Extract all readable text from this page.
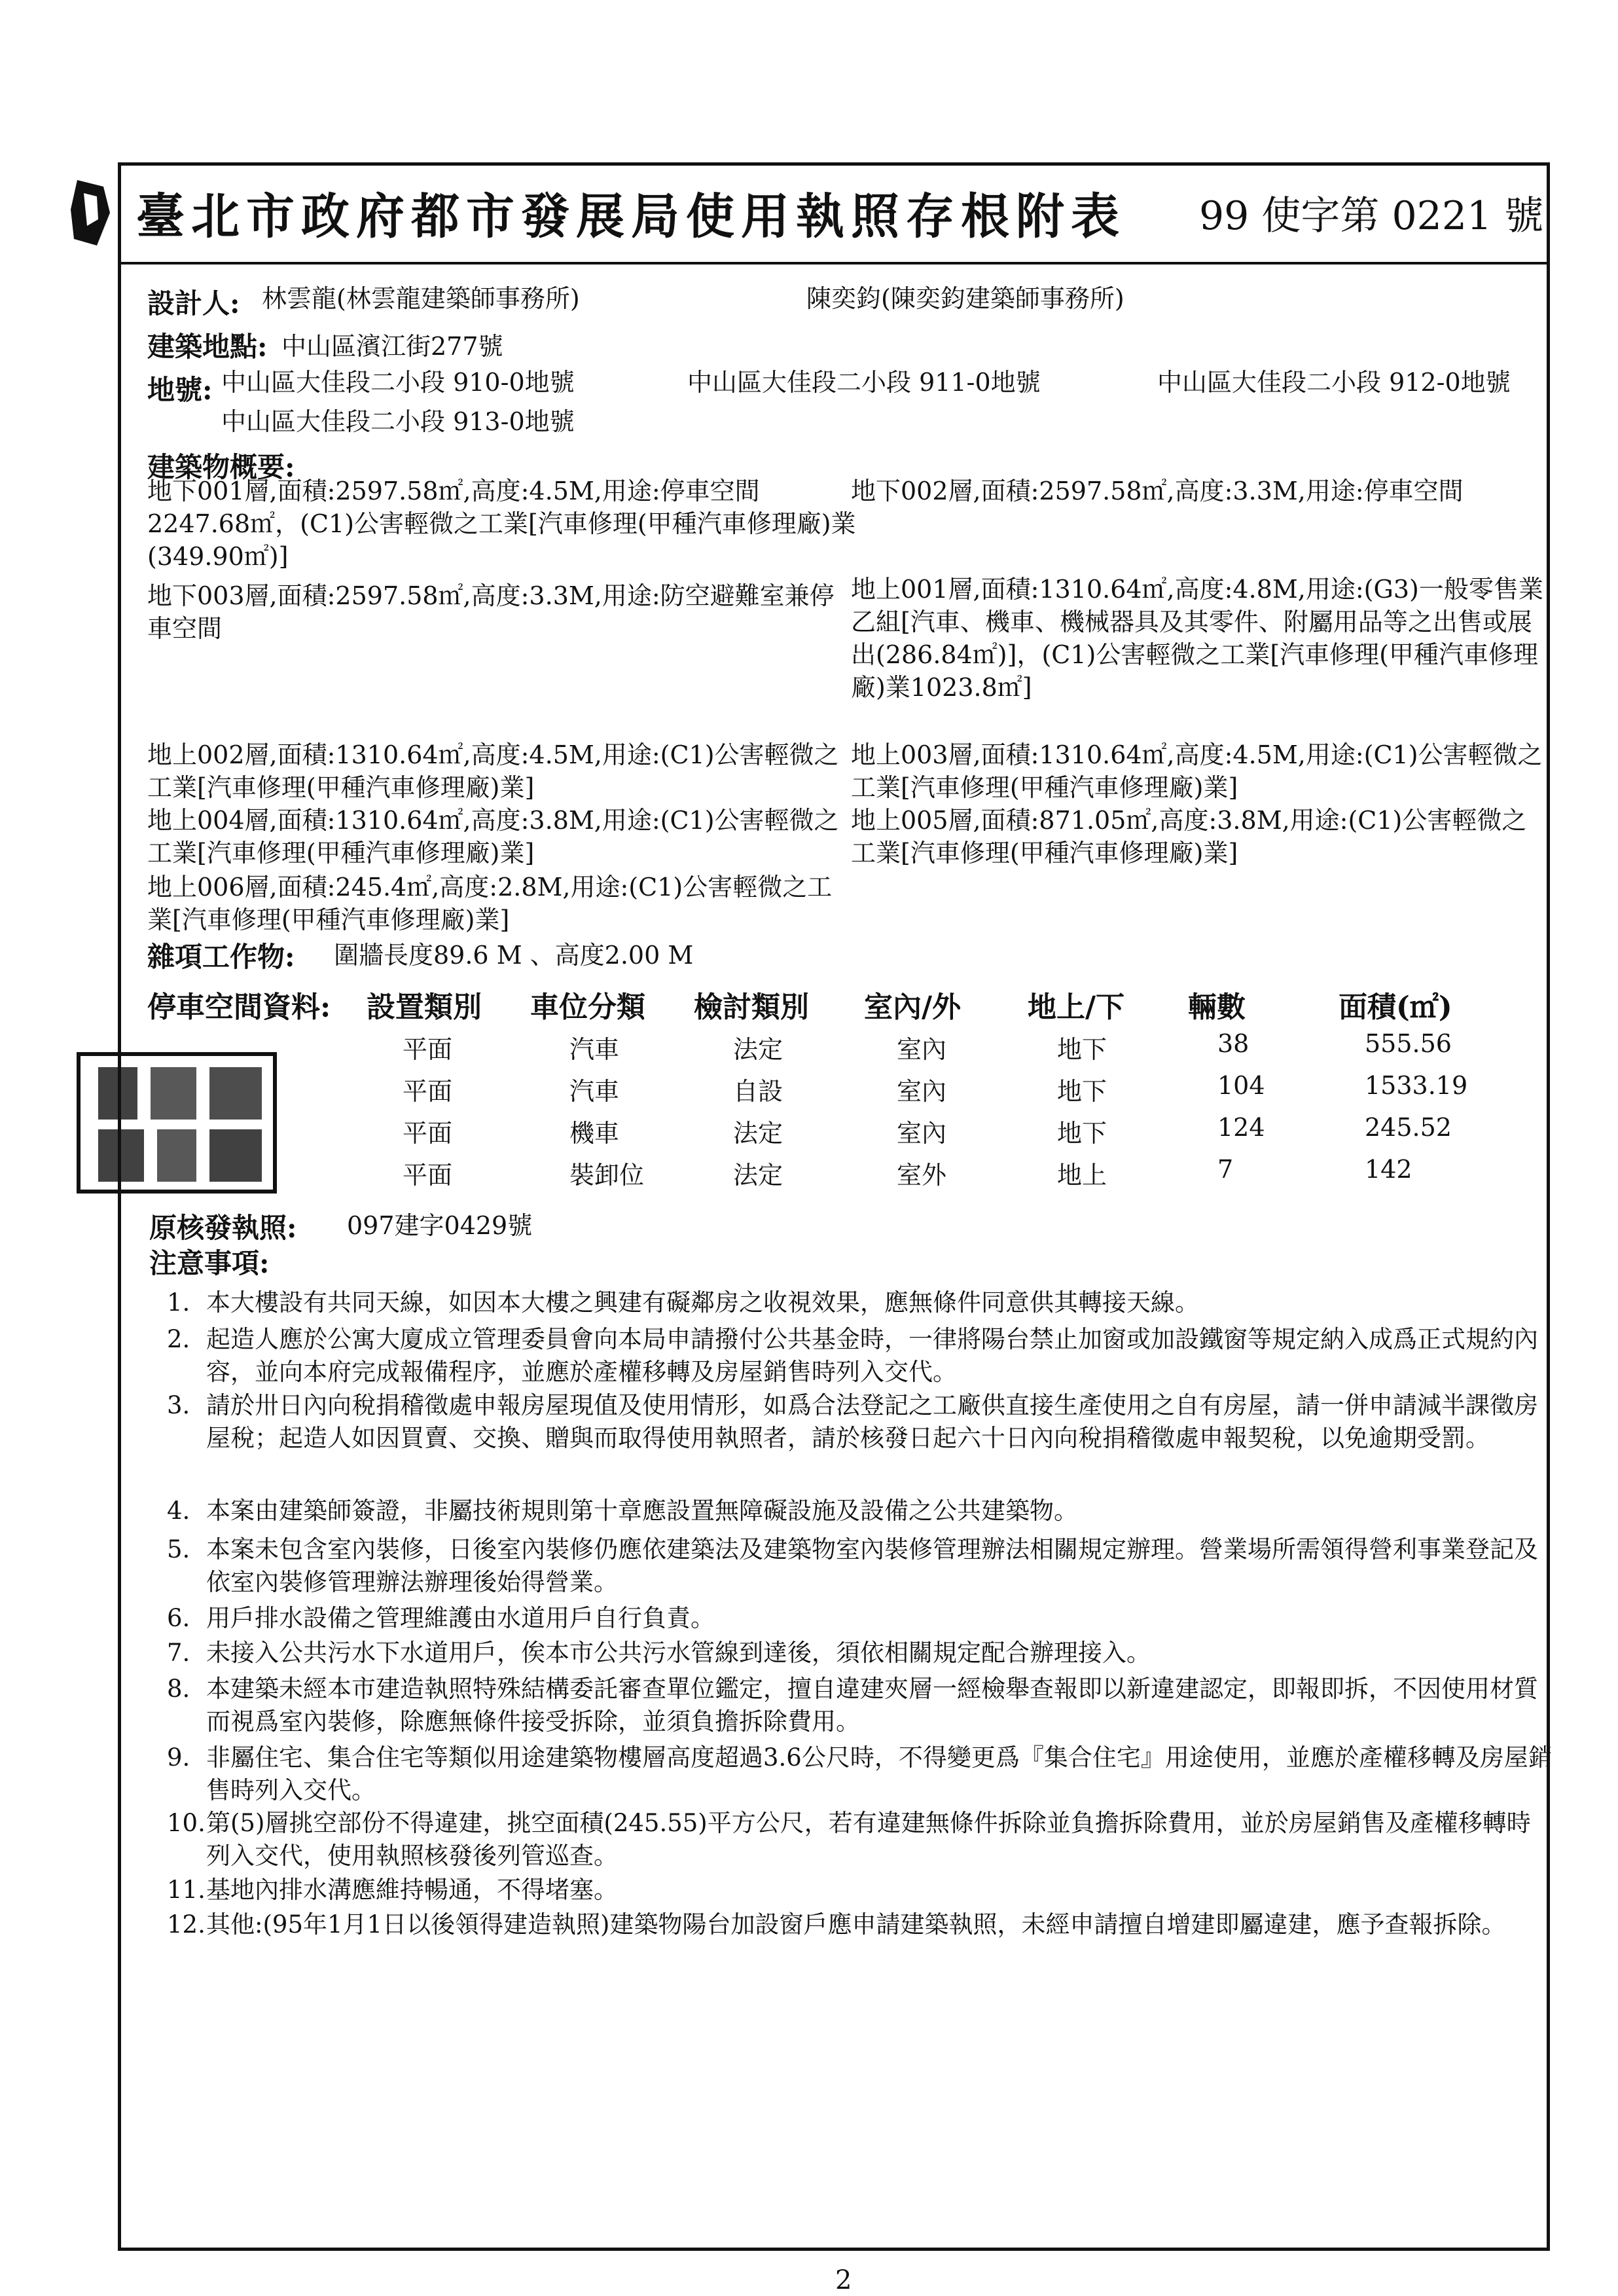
臺北市政府都市發展局使用執照存根附表 99 使字第 0221 號
設計人: 林雲龍(林雲龍建築師事務所)	陳奕鈞(陳奕鈞建築師事務所)
建築地點: 中山區濱江街277號
地號: 中山區大佳段二小段 910-0地號	中山區大佳段二小段 911-0地號	中山區大佳段二小段 912-0地號
中山區大佳段二小段 913-0地號
建築物概要:
地下001層,面積:2597.58㎡,高度:4.5M,用途:停車空間2247.68㎡，(C1)公害輕微之工業[汽車修理(甲種汽車修理廠)業(349.90㎡)]
地下002層,面積:2597.58㎡,高度:3.3M,用途:停車空間
地下003層,面積:2597.58㎡,高度:3.3M,用途:防空避難室兼停車空間
地上001層,面積:1310.64㎡,高度:4.8M,用途:(G3)一般零售業乙組[汽車、機車、機械器具及其零件、附屬用品等之出售或展出(286.84㎡)]，(C1)公害輕微之工業[汽車修理(甲種汽車修理廠)業1023.8㎡]
地上002層,面積:1310.64㎡,高度:4.5M,用途:(C1)公害輕微之工業[汽車修理(甲種汽車修理廠)業]
地上003層,面積:1310.64㎡,高度:4.5M,用途:(C1)公害輕微之工業[汽車修理(甲種汽車修理廠)業]
地上004層,面積:1310.64㎡,高度:3.8M,用途:(C1)公害輕微之工業[汽車修理(甲種汽車修理廠)業]
地上005層,面積:871.05㎡,高度:3.8M,用途:(C1)公害輕微之工業[汽車修理(甲種汽車修理廠)業]
地上006層,面積:245.4㎡,高度:2.8M,用途:(C1)公害輕微之工業[汽車修理(甲種汽車修理廠)業]
雜項工作物: 圍牆長度89.6 M 、高度2.00 M
停車空間資料: 設置類別 車位分類 檢討類別 室內/外 地上/下 輛數	面積(㎡)
平面	汽車	法定	室內	地下	38	555.56
平面	汽車	自設	室內	地下	104	1533.19
平面	機車	法定	室內	地下	124	245.52
平面	裝卸位	法定	室外	地上	7	142
原核發執照: 097建字0429號
注意事項:
1. 本大樓設有共同天線，如因本大樓之興建有礙鄰房之收視效果，應無條件同意供其轉接天線。
2. 起造人應於公寓大廈成立管理委員會向本局申請撥付公共基金時，一律將陽台禁止加窗或加設鐵窗等規定納入成爲正式規約內容，並向本府完成報備程序，並應於產權移轉及房屋銷售時列入交代。
3. 請於卅日內向稅捐稽徵處申報房屋現值及使用情形，如爲合法登記之工廠供直接生產使用之自有房屋，請一併申請減半課徵房屋稅；起造人如因買賣、交換、贈與而取得使用執照者，請於核發日起六十日內向稅捐稽徵處申報契稅，以免逾期受罰。
4. 本案由建築師簽證，非屬技術規則第十章應設置無障礙設施及設備之公共建築物。
5. 本案未包含室內裝修，日後室內裝修仍應依建築法及建築物室內裝修管理辦法相關規定辦理。營業場所需領得營利事業登記及依室內裝修管理辦法辦理後始得營業。
6. 用戶排水設備之管理維護由水道用戶自行負責。
7. 未接入公共污水下水道用戶，俟本市公共污水管線到達後，須依相關規定配合辦理接入。
8. 本建築未經本市建造執照特殊結構委託審查單位鑑定，擅自違建夾層一經檢舉查報即以新違建認定，即報即拆，不因使用材質而視爲室內裝修，除應無條件接受拆除，並須負擔拆除費用。
9. 非屬住宅、集合住宅等類似用途建築物樓層高度超過3.6公尺時，不得變更爲『集合住宅』用途使用，並應於產權移轉及房屋銷售時列入交代。
10. 第(5)層挑空部份不得違建，挑空面積(245.55)平方公尺，若有違建無條件拆除並負擔拆除費用，並於房屋銷售及產權移轉時列入交代，使用執照核發後列管巡查。
11. 基地內排水溝應維持暢通，不得堵塞。
12. 其他:(95年1月1日以後領得建造執照)建築物陽台加設窗戶應申請建築執照，未經申請擅自增建即屬違建，應予查報拆除。
2
